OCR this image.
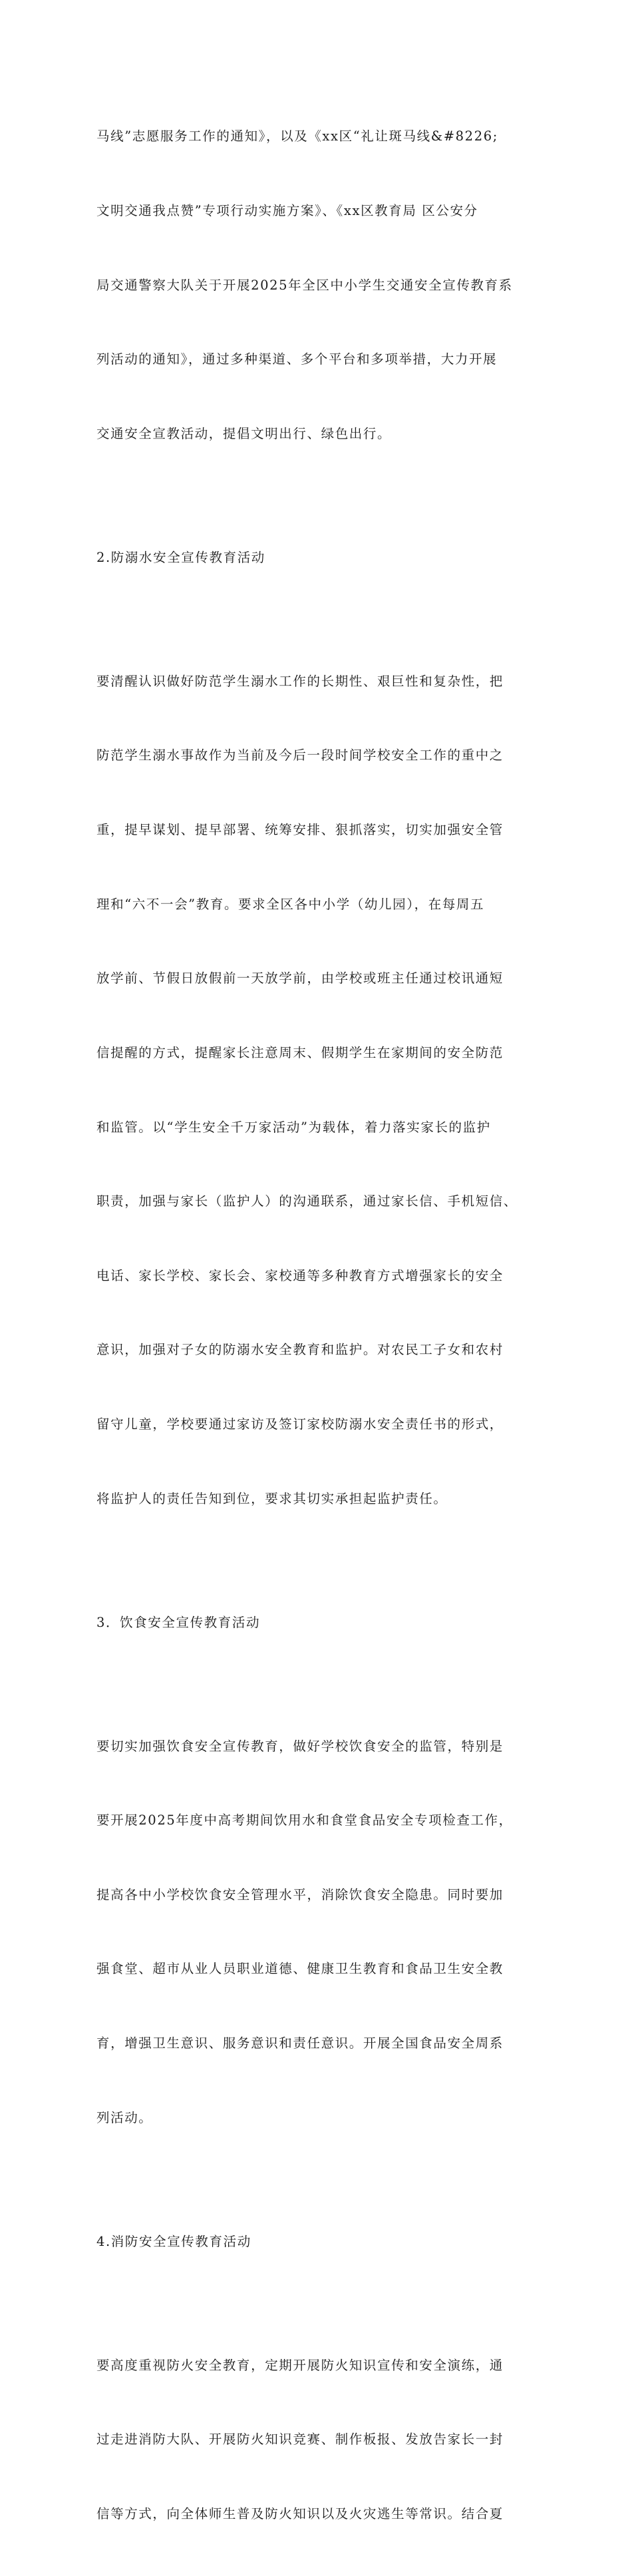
马线”志愿服务工作的通知》，以及《xx区“礼让斑马线&#8226;

文明交通我点赞”专项行动实施方案》、《xx区教育局 区公安分

局交通警察大队关于开展2025年全区中小学生交通安全宣传教育系

列活动的通知》，通过多种渠道、多个平台和多项举措，大力开展

交通安全宣教活动，提倡文明出行、绿色出行。

2.防溺水安全宣传教育活动

要清醒认识做好防范学生溺水工作的长期性、艰巨性和复杂性，把

防范学生溺水事故作为当前及今后一段时间学校安全工作的重中之

重，提早谋划、提早部署、统筹安排、狠抓落实，切实加强安全管

理和“六不一会”教育。要求全区各中小学（幼儿园），在每周五

放学前、节假日放假前一天放学前，由学校或班主任通过校讯通短

信提醒的方式，提醒家长注意周末、假期学生在家期间的安全防范

和监管。以“学生安全千万家活动”为载体，着力落实家长的监护

职责，加强与家长（监护人）的沟通联系，通过家长信、手机短信、

电话、家长学校、家长会、家校通等多种教育方式增强家长的安全

意识，加强对子女的防溺水安全教育和监护。对农民工子女和农村

留守儿童，学校要通过家访及签订家校防溺水安全责任书的形式，

将监护人的责任告知到位，要求其切实承担起监护责任。

3．饮食安全宣传教育活动

要切实加强饮食安全宣传教育，做好学校饮食安全的监管，特别是

要开展2025年度中高考期间饮用水和食堂食品安全专项检查工作，

提高各中小学校饮食安全管理水平，消除饮食安全隐患。同时要加

强食堂、超市从业人员职业道德、健康卫生教育和食品卫生安全教

育，增强卫生意识、服务意识和责任意识。开展全国食品安全周系

列活动。

4.消防安全宣传教育活动

要高度重视防火安全教育，定期开展防火知识宣传和安全演练，通

过走进消防大队、开展防火知识竞赛、制作板报、发放告家长一封

信等方式，向全体师生普及防火知识以及火灾逃生等常识。结合夏
